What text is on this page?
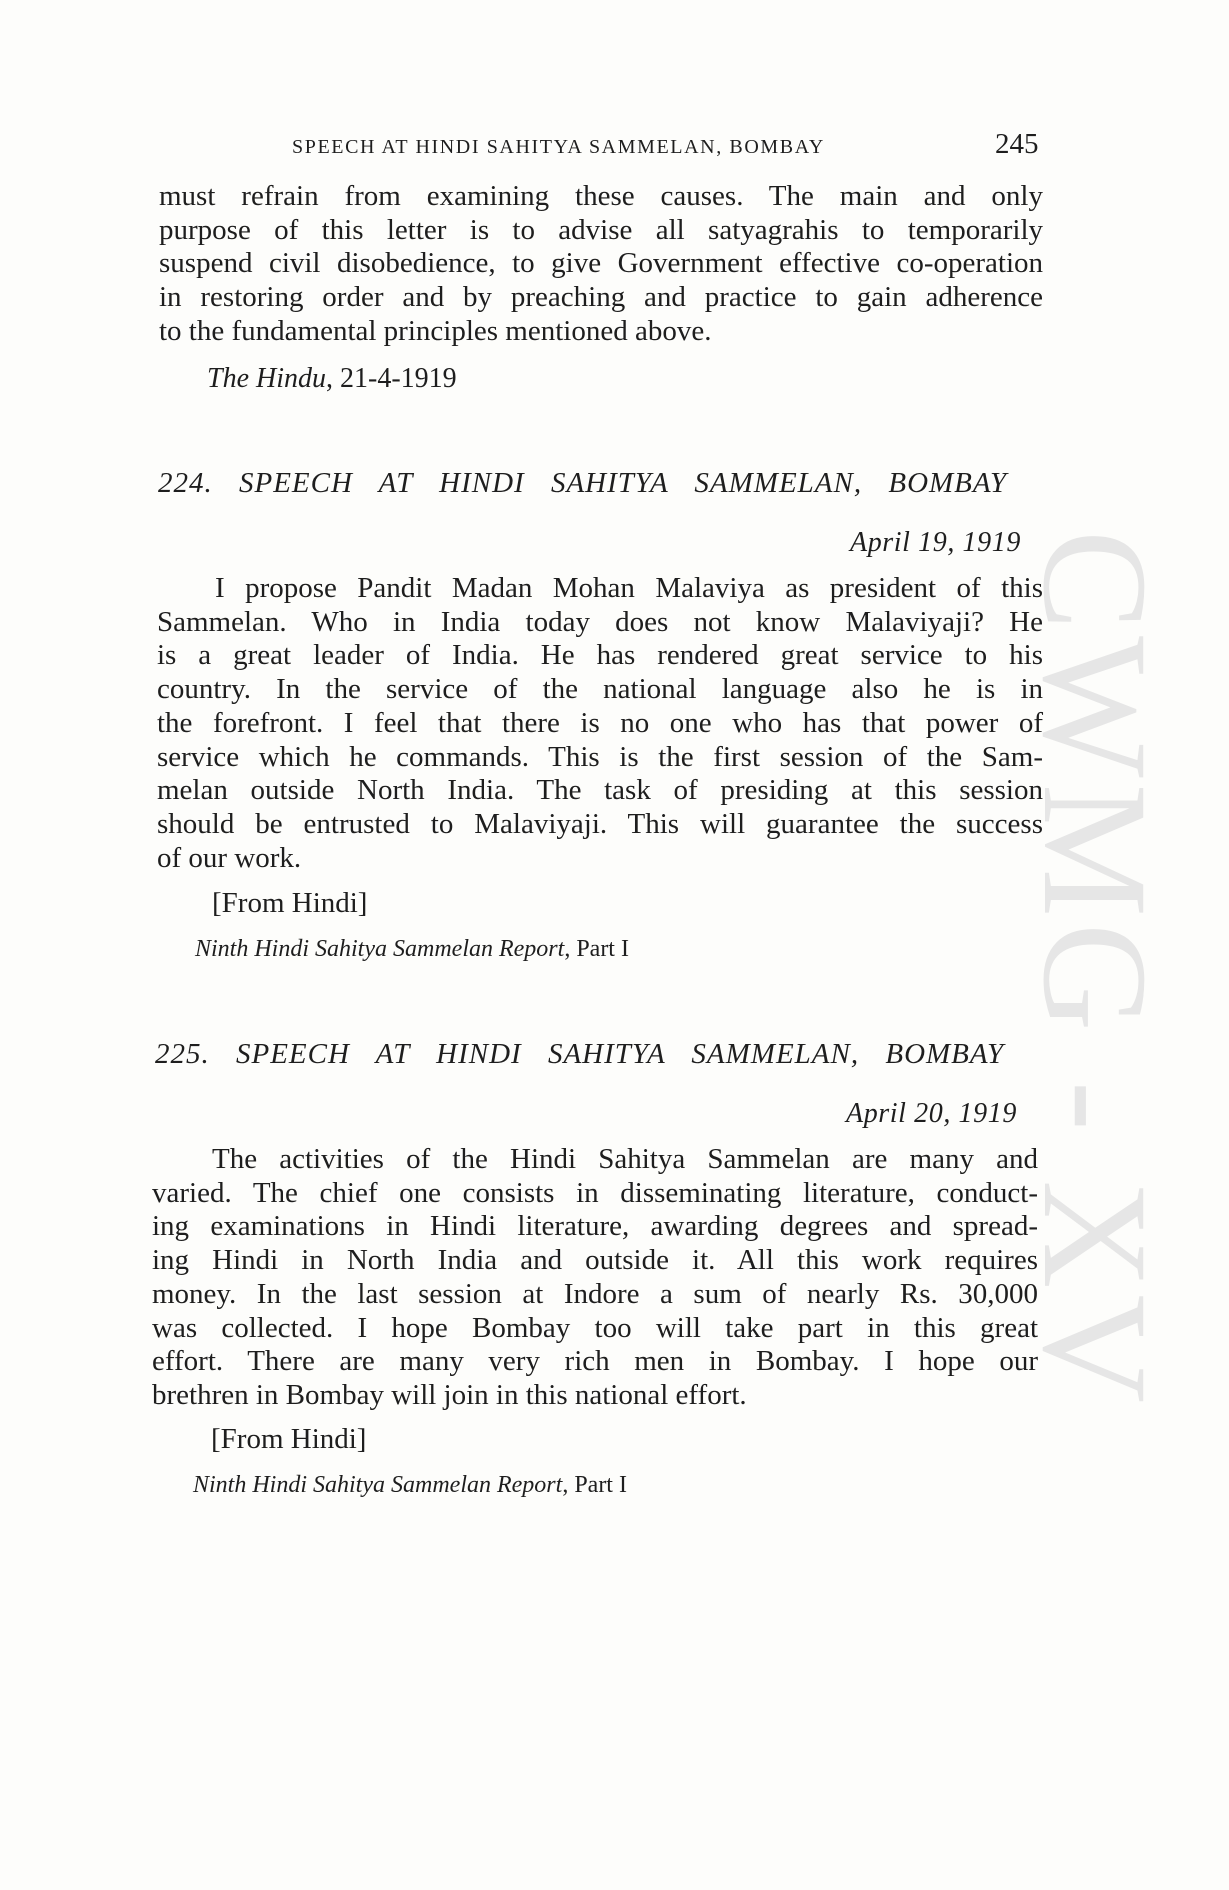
CWMG - XV
SPEECH AT HINDI SAHITYA SAMMELAN, BOMBAY	245
must refrain from examining these causes. The main and only
purpose of this letter is to advise all satyagrahis to temporarily
suspend civil disobedience, to give Government effective co-operation
in restoring order and by preaching and practice to gain adherence
to the fundamental principles mentioned above.
The Hindu, 21-4-1919
224. SPEECH AT HINDI SAHITYA SAMMELAN, BOMBAY
April 19, 1919
I propose Pandit Madan Mohan Malaviya as president of this
Sammelan. Who in India today does not know Malaviyaji? He
is a great leader of India. He has rendered great service to his
country. In the service of the national language also he is in
the forefront. I feel that there is no one who has that power of
service which he commands. This is the first session of the Sam-
melan outside North India. The task of presiding at this session
should be entrusted to Malaviyaji. This will guarantee the success
of our work.
[From Hindi]
Ninth Hindi Sahitya Sammelan Report, Part I
225. SPEECH AT HINDI SAHITYA SAMMELAN, BOMBAY
April 20, 1919
The activities of the Hindi Sahitya Sammelan are many and
varied. The chief one consists in disseminating literature, conduct-
ing examinations in Hindi literature, awarding degrees and spread-
ing Hindi in North India and outside it. All this work requires
money. In the last session at Indore a sum of nearly Rs. 30,000
was collected. I hope Bombay too will take part in this great
effort. There are many very rich men in Bombay. I hope our
brethren in Bombay will join in this national effort.
[From Hindi]
Ninth Hindi Sahitya Sammelan Report, Part I
